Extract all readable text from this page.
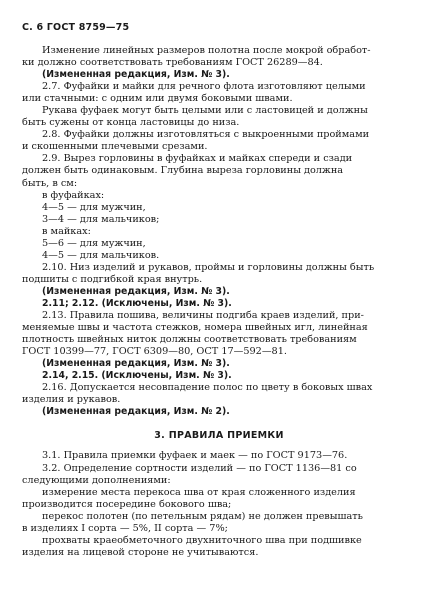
С. 6 ГОСТ 8759—75
Изменение линейных размеров полотна после мокрой обработ-
ки должно соответствовать требованиям ГОСТ 26289—84.
(Измененная редакция, Изм. № 3).
2.7. Фуфайки и майки для речного флота изготовляют целыми
или стачными: с одним или двумя боковыми швами.
Рукава фуфаек могут быть целыми или с ластовицей и должны
быть сужены от конца ластовицы до низа.
2.8. Фуфайки должны изготовляться с выкроенными проймами
и скошенными плечевыми срезами.
2.9. Вырез горловины в фуфайках и майках спереди и сзади
должен быть одинаковым. Глубина выреза горловины должна
быть, в см:
в фуфайках:
4—5 — для мужчин,
3—4 — для мальчиков;
в майках:
5—6 — для мужчин,
4—5 — для мальчиков.
2.10. Низ изделий и рукавов, проймы и горловины должны быть
подшиты с подгибкой края внутрь.
(Измененная редакция, Изм. № 3).
2.11; 2.12. (Исключены, Изм. № 3).
2.13. Правила пошива, величины подгиба краев изделий, при-
меняемые швы и частота стежков, номера швейных игл, линейная
плотность швейных ниток должны соответствовать требованиям
ГОСТ 10399—77, ГОСТ 6309—80, ОСТ 17—592—81.
(Измененная редакция, Изм. № 3).
2.14, 2.15. (Исключены, Изм. № 3).
2.16. Допускается несовпадение полос по цвету в боковых швах
изделия и рукавов.
(Измененная редакция, Изм. № 2).
3. ПРАВИЛА ПРИЕМКИ
3.1. Правила приемки фуфаек и маек — по ГОСТ 9173—76.
3.2. Определение сортности изделий — по ГОСТ 1136—81 со
следующими дополнениями:
измерение места перекоса шва от края сложенного изделия
производится посередине бокового шва;
перекос полотен (по петельным рядам) не должен превышать
в изделиях I сорта — 5%, II сорта — 7%;
прохваты краеобметочного двухниточного шва при подшивке
изделия на лицевой стороне не учитываются.
